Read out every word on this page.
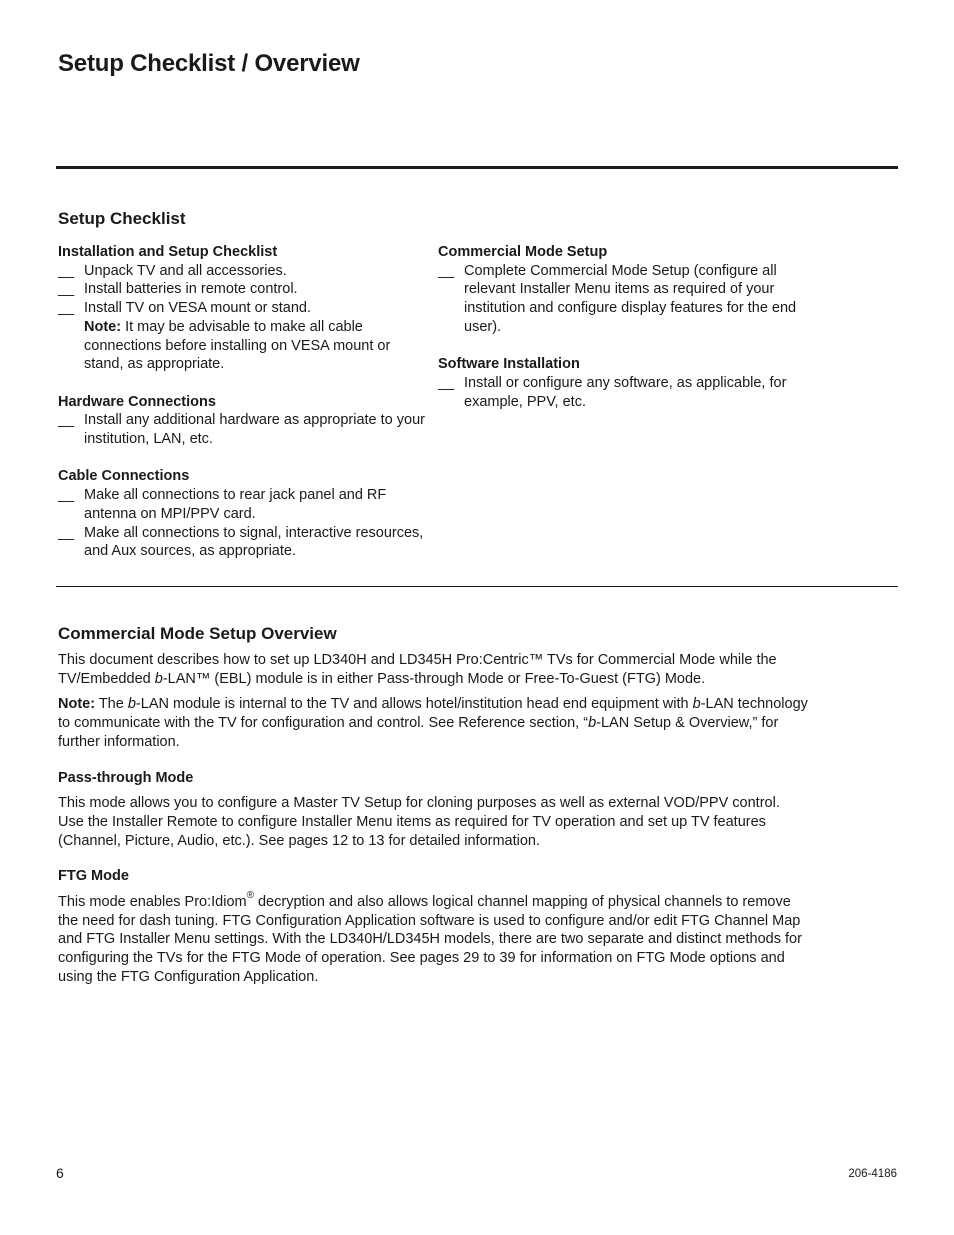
Setup Checklist / Overview
Setup Checklist

Installation and Setup Checklist

__ Unpack TV and all accessories.

__ Install batteries in remote control.

__ Install TV on VESA mount or stand.

Note: It may be advisable to make all cable connections before installing on VESA mount or stand, as appropriate.

Hardware Connections

__ Install any additional hardware as appropriate to your institution, LAN, etc.

Cable Connections

__ Make all connections to rear jack panel and RF antenna on MPI/PPV card.

__ Make all connections to signal, interactive resources, and Aux sources, as appropriate.

Commercial Mode Setup

__ Complete Commercial Mode Setup (configure all relevant Installer Menu items as required of your institution and configure display features for the end user).

Software Installation

__ Install or configure any software, as applicable, for example, PPV, etc.

Commercial Mode Setup Overview

This document describes how to set up LD340H and LD345H Pro:Centric™ TVs for Commercial Mode while the TV/Embedded b-LAN™ (EBL) module is in either Pass-through Mode or Free-To-Guest (FTG) Mode.

Note: The b-LAN module is internal to the TV and allows hotel/institution head end equipment with b-LAN technology to communicate with the TV for configuration and control. See Reference section, “b-LAN Setup & Overview,” for further information.

Pass-through Mode

This mode allows you to configure a Master TV Setup for cloning purposes as well as external VOD/PPV control. Use the Installer Remote to configure Installer Menu items as required for TV operation and set up TV features (Channel, Picture, Audio, etc.). See pages 12 to 13 for detailed information.

FTG Mode

This mode enables Pro:Idiom® decryption and also allows logical channel mapping of physical channels to remove the need for dash tuning. FTG Configuration Application software is used to configure and/or edit FTG Channel Map and FTG Installer Menu settings. With the LD340H/LD345H models, there are two separate and distinct methods for configuring the TVs for the FTG Mode of operation. See pages 29 to 39 for information on FTG Mode options and using the FTG Configuration Application.

6	206-4186
